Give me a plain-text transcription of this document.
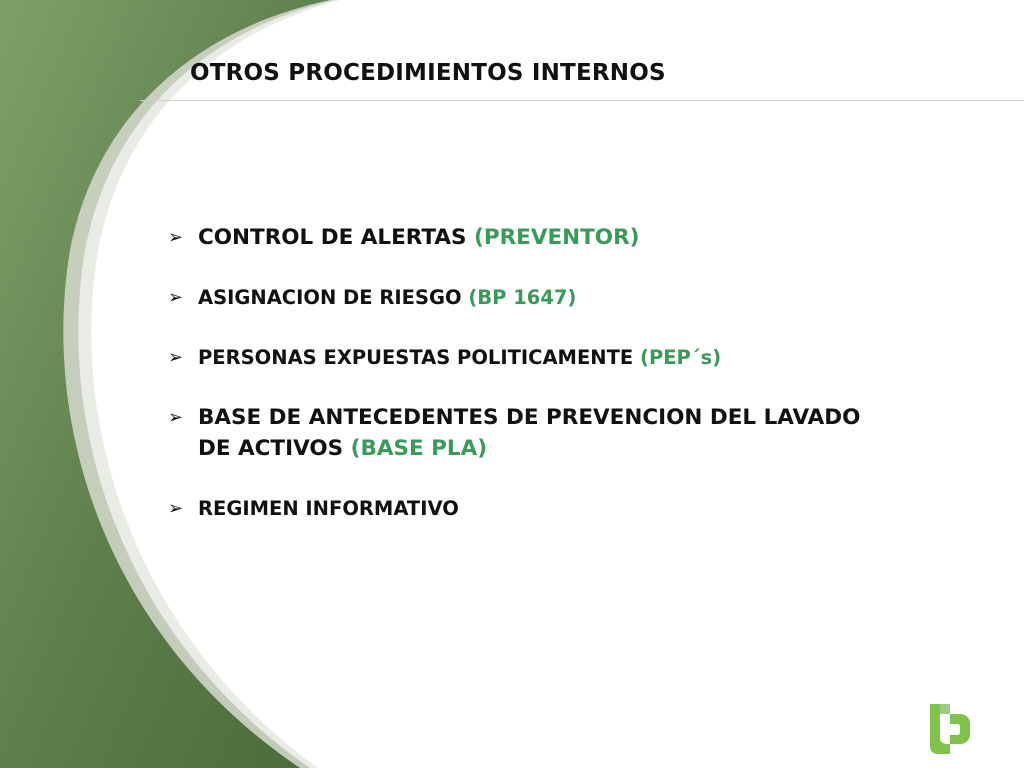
OTROS PROCEDIMIENTOS INTERNOS
➢ CONTROL DE ALERTAS (PREVENTOR)
➢ ASIGNACION DE RIESGO (BP 1647)
➢ PERSONAS EXPUESTAS POLITICAMENTE (PEP´s)
➢ BASE DE ANTECEDENTES DE PREVENCION DEL LAVADO DE ACTIVOS (BASE PLA)
➢ REGIMEN INFORMATIVO
